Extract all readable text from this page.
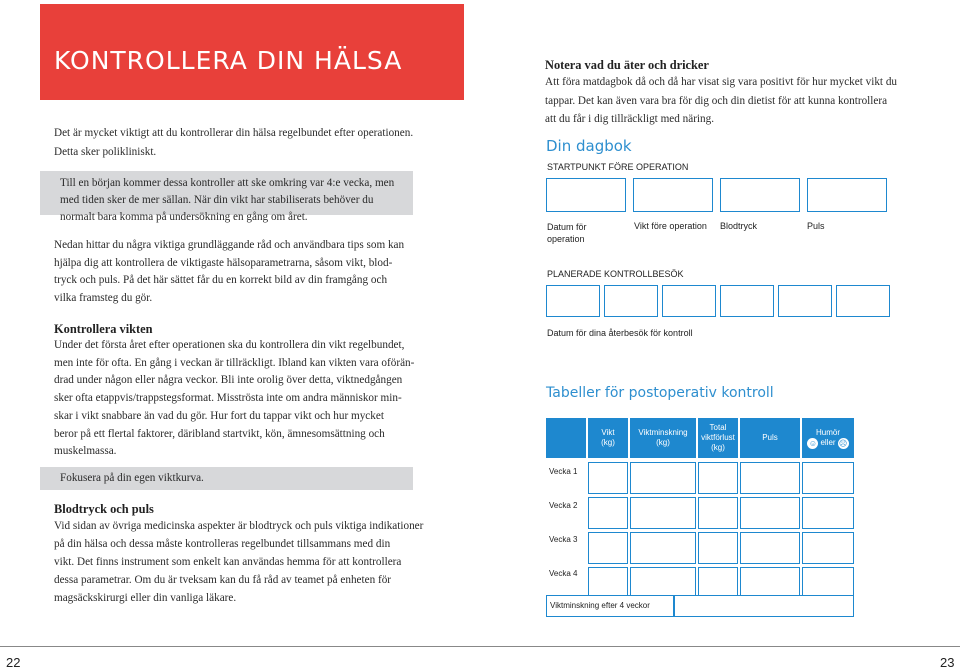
KONTROLLERA DIN HÄLSA
Det är mycket viktigt att du kontrollerar din hälsa regelbundet efter operationen.
Detta sker polikliniskt.
Till en början kommer dessa kontroller att ske omkring var 4:e vecka, men
med tiden sker de mer sällan. När din vikt har stabiliserats behöver du
normalt bara komma på undersökning en gång om året.
Nedan hittar du några viktiga grundläggande råd och användbara tips som kan
hjälpa dig att kontrollera de viktigaste hälsoparametrarna, såsom vikt, blod-
tryck och puls. På det här sättet får du en korrekt bild av din framgång och
vilka framsteg du gör.
Kontrollera vikten
Under det första året efter operationen ska du kontrollera din vikt regelbundet,
men inte för ofta. En gång i veckan är tillräckligt. Ibland kan vikten vara oförän-
drad under någon eller några veckor. Bli inte orolig över detta, viktnedgången
sker ofta etappvis/trappstegsformat. Misströsta inte om andra människor min-
skar i vikt snabbare än vad du gör. Hur fort du tappar vikt och hur mycket
beror på ett flertal faktorer, däribland startvikt, kön, ämnesomsättning och
muskelmassa.
Fokusera på din egen viktkurva.
Blodtryck och puls
Vid sidan av övriga medicinska aspekter är blodtryck och puls viktiga indikationer
på din hälsa och dessa måste kontrolleras regelbundet tillsammans med din
vikt. Det finns instrument som enkelt kan användas hemma för att kontrollera
dessa parametrar. Om du är tveksam kan du få råd av teamet på enheten för
magsäckskirurgi eller din vanliga läkare.
22
Notera vad du äter och dricker
Att föra matdagbok då och då har visat sig vara positivt för hur mycket vikt du
tappar. Det kan även vara bra för dig och din dietist för att kunna kontrollera
att du får i dig tillräckligt med näring.
Din dagbok
STARTPUNKT FÖRE OPERATION
Datum för
operation
Vikt före operation Blodtryck	Puls
PLANERADE KONTROLLBESÖK
Datum för dina återbesök för kontroll
Tabeller för postoperativ kontroll
Vikt
(kg)
Viktminskning
(kg)
Total
viktförlust
(kg)
Puls
Humör
☺ eller ☹
Vecka 1
Vecka 2
Vecka 3
Vecka 4
Viktminskning efter 4 veckor
23
